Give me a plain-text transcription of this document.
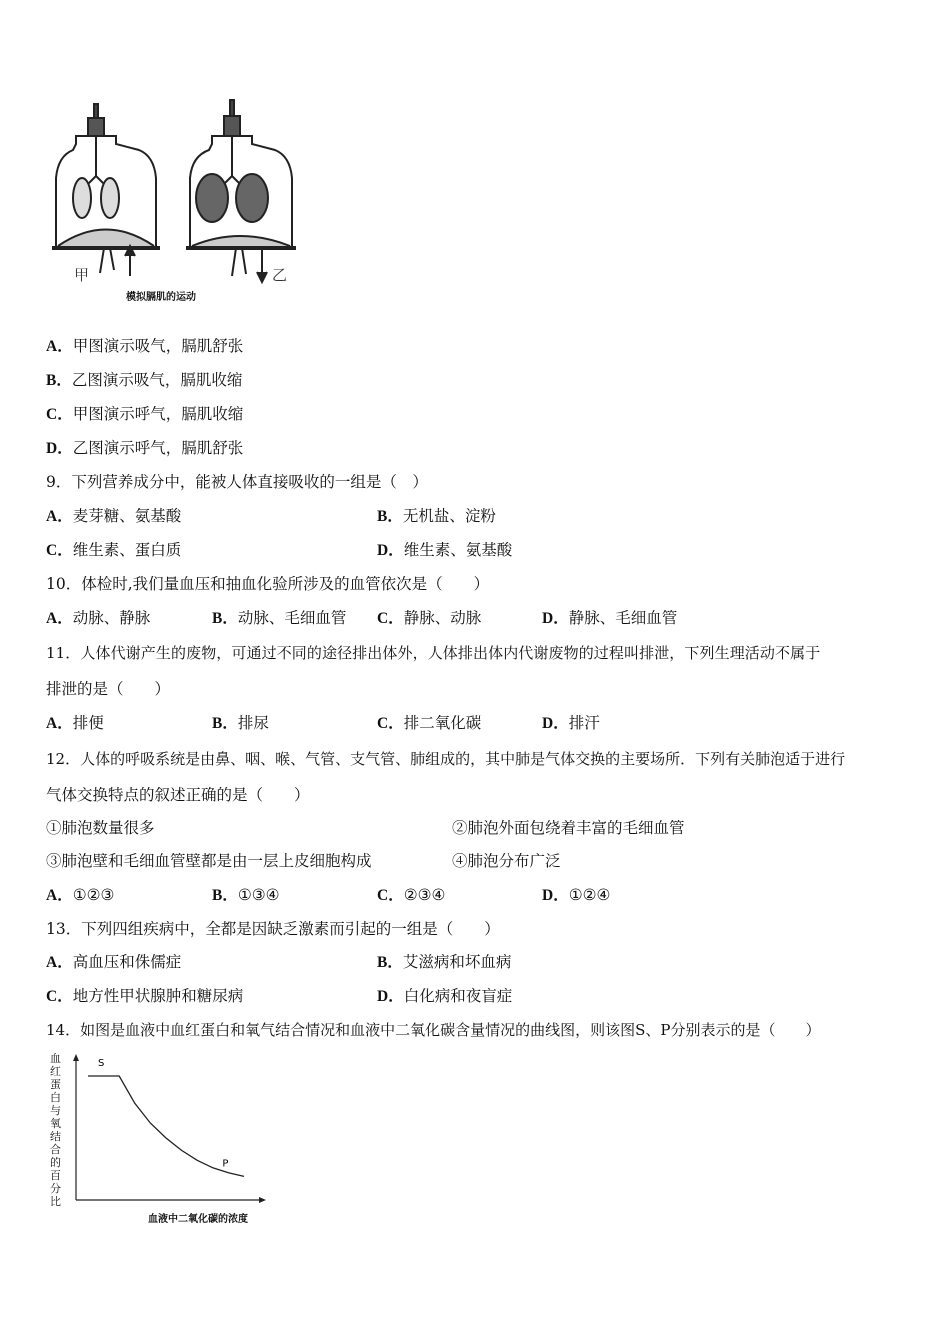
甲	乙
模拟膈肌的运动
A．甲图演示吸气，膈肌舒张
B．乙图演示吸气，膈肌收缩
C．甲图演示呼气，膈肌收缩
D．乙图演示呼气，膈肌舒张
9．下列营养成分中，能被人体直接吸收的一组是（　）
A．麦芽糖、氨基酸	B．无机盐、淀粉
C．维生素、蛋白质	D．维生素、氨基酸
10．体检时,我们量血压和抽血化验所涉及的血管依次是（　　）
A．动脉、静脉	B．动脉、毛细血管 C．静脉、动脉	D．静脉、毛细血管
11．人体代谢产生的废物，可通过不同的途径排出体外，人体排出体内代谢废物的过程叫排泄，下列生理活动不属于
排泄的是（　　）
A．排便	B．排尿	C．排二氧化碳	D．排汗
12．人体的呼吸系统是由鼻、咽、喉、气管、支气管、肺组成的，其中肺是气体交换的主要场所．下列有关肺泡适于进行
气体交换特点的叙述正确的是（　　）
①肺泡数量很多	②肺泡外面包绕着丰富的毛细血管
③肺泡壁和毛细血管壁都是由一层上皮细胞构成	④肺泡分布广泛
A．①②③	B．①③④	C．②③④	D．①②④
13．下列四组疾病中，全都是因缺乏激素而引起的一组是（　　）
A．高血压和侏儒症	B．艾滋病和坏血病
C．地方性甲状腺肿和糖尿病	D．白化病和夜盲症
14．如图是血液中血红蛋白和氧气结合情况和血液中二氧化碳含量情况的曲线图，则该图S、P分别表示的是（　　）
血红蛋白与氧结合的百分比
S
P
血液中二氧化碳的浓度
